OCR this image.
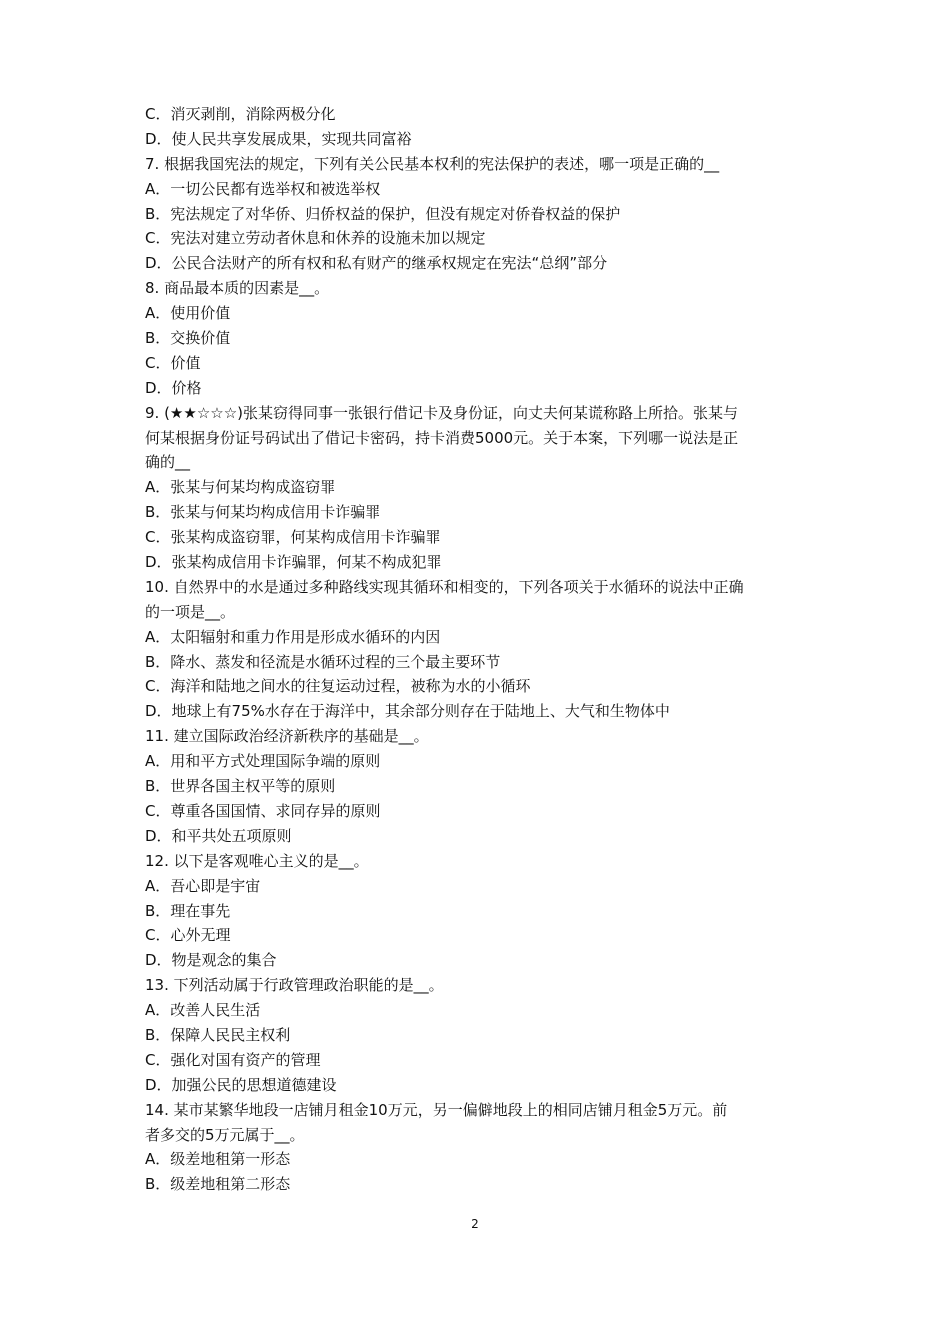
C．消灭剥削，消除两极分化
D．使人民共享发展成果，实现共同富裕
7. 根据我国宪法的规定，下列有关公民基本权利的宪法保护的表述，哪一项是正确的__
A．一切公民都有选举权和被选举权
B．宪法规定了对华侨、归侨权益的保护，但没有规定对侨眷权益的保护
C．宪法对建立劳动者休息和休养的设施未加以规定
D．公民合法财产的所有权和私有财产的继承权规定在宪法“总纲”部分
8. 商品最本质的因素是__。
A．使用价值
B．交换价值
C．价值
D．价格
9. (★★☆☆☆)张某窃得同事一张银行借记卡及身份证，向丈夫何某谎称路上所拾。张某与
何某根据身份证号码试出了借记卡密码，持卡消费5000元。关于本案，下列哪一说法是正
确的__
A．张某与何某均构成盗窃罪
B．张某与何某均构成信用卡诈骗罪
C．张某构成盗窃罪，何某构成信用卡诈骗罪
D．张某构成信用卡诈骗罪，何某不构成犯罪
10. 自然界中的水是通过多种路线实现其循环和相变的，下列各项关于水循环的说法中正确
的一项是__。
A．太阳辐射和重力作用是形成水循环的内因
B．降水、蒸发和径流是水循环过程的三个最主要环节
C．海洋和陆地之间水的往复运动过程，被称为水的小循环
D．地球上有75%水存在于海洋中，其余部分则存在于陆地上、大气和生物体中
11. 建立国际政治经济新秩序的基础是__。
A．用和平方式处理国际争端的原则
B．世界各国主权平等的原则
C．尊重各国国情、求同存异的原则
D．和平共处五项原则
12. 以下是客观唯心主义的是__。
A．吾心即是宇宙
B．理在事先
C．心外无理
D．物是观念的集合
13. 下列活动属于行政管理政治职能的是__。
A．改善人民生活
B．保障人民民主权利
C．强化对国有资产的管理
D．加强公民的思想道德建设
14. 某市某繁华地段一店铺月租金10万元，另一偏僻地段上的相同店铺月租金5万元。前
者多交的5万元属于__。
A．级差地租第一形态
B．级差地租第二形态
2
